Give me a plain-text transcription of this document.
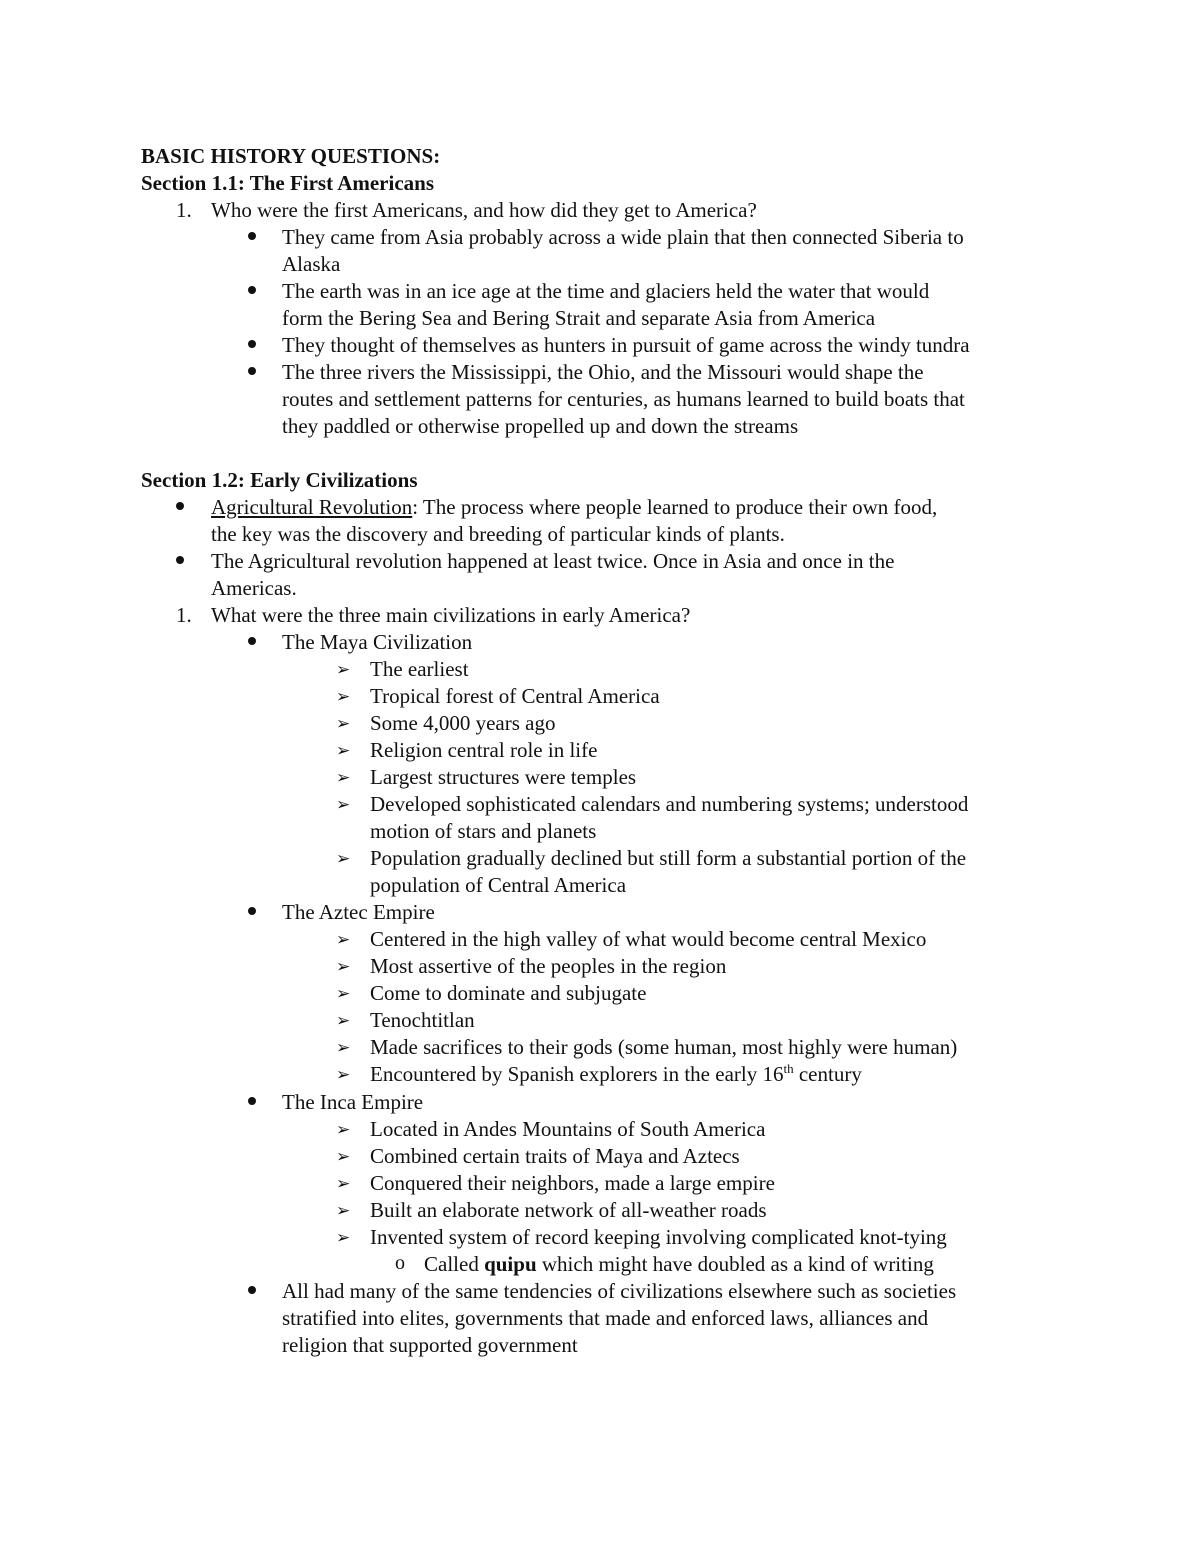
BASIC HISTORY QUESTIONS:
Section 1.1: The First Americans
1. Who were the first Americans, and how did they get to America?
They came from Asia probably across a wide plain that then connected Siberia to
Alaska
The earth was in an ice age at the time and glaciers held the water that would
form the Bering Sea and Bering Strait and separate Asia from America
They thought of themselves as hunters in pursuit of game across the windy tundra
The three rivers the Mississippi, the Ohio, and the Missouri would shape the
routes and settlement patterns for centuries, as humans learned to build boats that
they paddled or otherwise propelled up and down the streams
Section 1.2: Early Civilizations
Agricultural Revolution: The process where people learned to produce their own food,
the key was the discovery and breeding of particular kinds of plants.
The Agricultural revolution happened at least twice. Once in Asia and once in the
Americas.
1. What were the three main civilizations in early America?
The Maya Civilization
➢ The earliest
➢ Tropical forest of Central America
➢ Some 4,000 years ago
➢ Religion central role in life
➢ Largest structures were temples
➢ Developed sophisticated calendars and numbering systems; understood
motion of stars and planets
➢ Population gradually declined but still form a substantial portion of the
population of Central America
The Aztec Empire
➢ Centered in the high valley of what would become central Mexico
➢ Most assertive of the peoples in the region
➢ Come to dominate and subjugate
➢ Tenochtitlan
➢ Made sacrifices to their gods (some human, most highly were human)
➢ Encountered by Spanish explorers in the early 16th century
The Inca Empire
➢ Located in Andes Mountains of South America
➢ Combined certain traits of Maya and Aztecs
➢ Conquered their neighbors, made a large empire
➢ Built an elaborate network of all-weather roads
➢ Invented system of record keeping involving complicated knot-tying
o Called quipu which might have doubled as a kind of writing
All had many of the same tendencies of civilizations elsewhere such as societies
stratified into elites, governments that made and enforced laws, alliances and
religion that supported government
